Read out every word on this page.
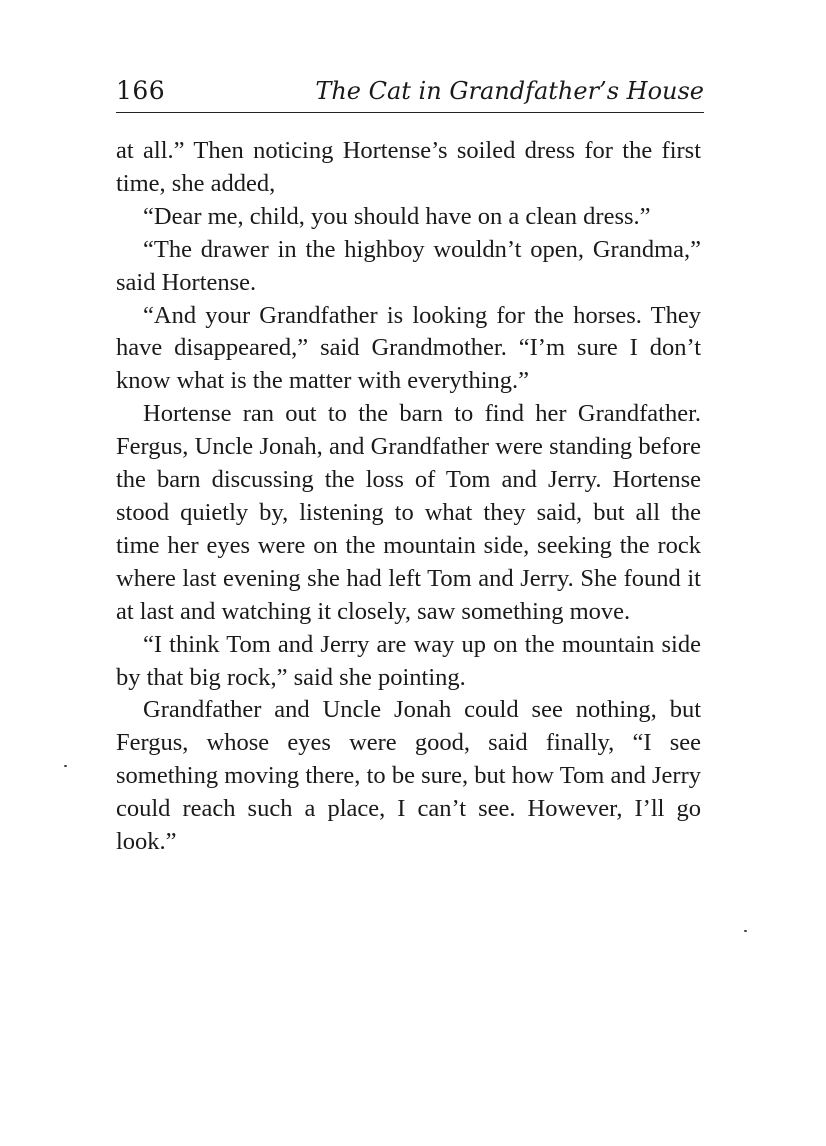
166	The Cat in Grandfather’s House

at all.” Then noticing Hortense’s soiled dress for the first time, she added,

“Dear me, child, you should have on a clean dress.”

“The drawer in the highboy wouldn’t open, Grandma,” said Hortense.

“And your Grandfather is looking for the horses. They have disappeared,” said Grandmother. “I’m sure I don’t know what is the matter with everything.”

Hortense ran out to the barn to find her Grandfather. Fergus, Uncle Jonah, and Grandfather were standing before the barn discussing the loss of Tom and Jerry. Hortense stood quietly by, listening to what they said, but all the time her eyes were on the mountain side, seeking the rock where last evening she had left Tom and Jerry. She found it at last and watching it closely, saw something move.

“I think Tom and Jerry are way up on the mountain side by that big rock,” said she pointing.

Grandfather and Uncle Jonah could see nothing, but Fergus, whose eyes were good, said finally, “I see something moving there, to be sure, but how Tom and Jerry could reach such a place, I can’t see. However, I’ll go look.”
